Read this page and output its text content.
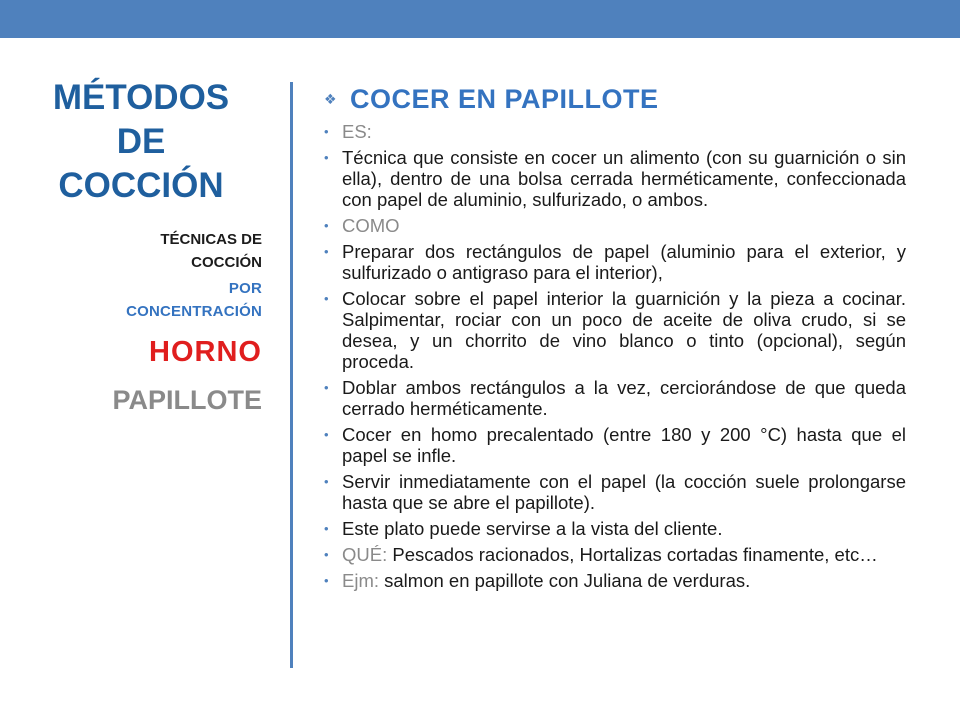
MÉTODOS
DE
COCCIÓN
TÉCNICAS DE
COCCIÓN
POR
CONCENTRACIÓN
HORNO
PAPILLOTE
❖ COCER EN PAPILLOTE
• ES:
• Técnica que consiste en cocer un alimento (con su guarnición o sin ella), dentro de una bolsa cerrada herméticamente, confeccionada con papel de aluminio, sulfurizado, o ambos.
• COMO
• Preparar dos rectángulos de papel (aluminio para el exterior, y sulfurizado o antigraso para el interior),
• Colocar sobre el papel interior la guarnición y la pieza a cocinar. Salpimentar, rociar con un poco de aceite de oliva crudo, si se desea, y un chorrito de vino blanco o tinto (opcional), según proceda.
• Doblar ambos rectángulos a la vez, cerciorándose de que queda cerrado herméticamente.
• Cocer en homo precalentado (entre 180 y 200 °C) hasta que el papel se infle.
• Servir inmediatamente con el papel (la cocción suele prolongarse hasta que se abre el papillote).
• Este plato puede servirse a la vista del cliente.
• QUÉ: Pescados racionados, Hortalizas cortadas finamente, etc…
• Ejm: salmon en papillote con Juliana de verduras.
